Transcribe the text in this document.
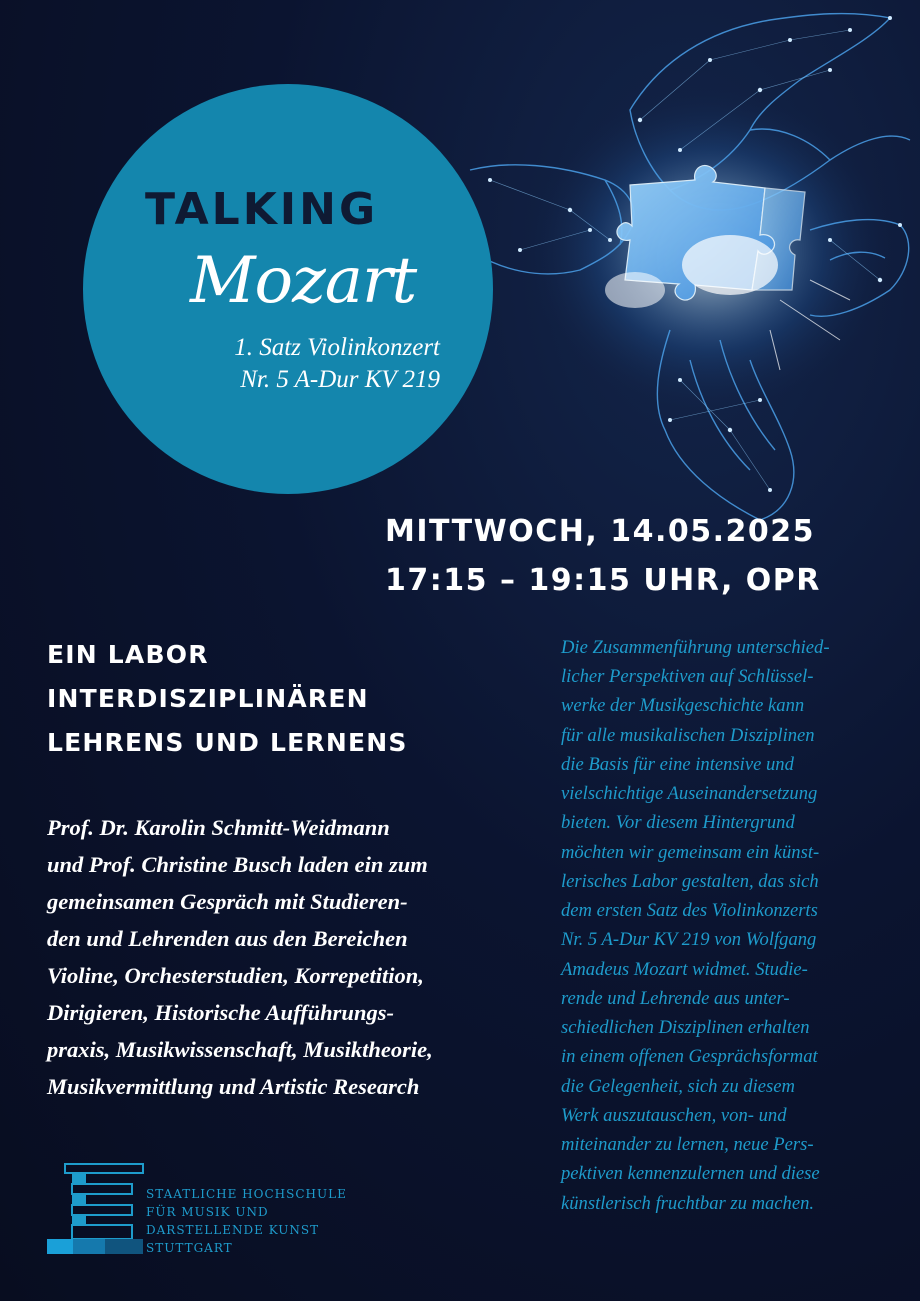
TALKING
Mozart
1. Satz Violinkonzert
Nr. 5 A-Dur KV 219
MITTWOCH, 14.05.2025
17:15 – 19:15 UHR, OPR
EIN LABOR
INTERDISZIPLINÄREN
LEHRENS UND LERNENS
Prof. Dr. Karolin Schmitt-Weidmann
und Prof. Christine Busch laden ein zum
gemeinsamen Gespräch mit Studieren-
den und Lehrenden aus den Bereichen
Violine, Orchesterstudien, Korrepetition,
Dirigieren, Historische Aufführungs-
praxis, Musikwissenschaft, Musiktheorie,
Musikvermittlung und Artistic Research
Die Zusammenführung unterschied-
licher Perspektiven auf Schlüssel-
werke der Musikgeschichte kann
für alle musikalischen Disziplinen
die Basis für eine intensive und
vielschichtige Auseinandersetzung
bieten. Vor diesem Hintergrund
möchten wir gemeinsam ein künst-
lerisches Labor gestalten, das sich
dem ersten Satz des Violinkonzerts
Nr. 5 A-Dur KV 219 von Wolfgang
Amadeus Mozart widmet. Studie-
rende und Lehrende aus unter-
schiedlichen Disziplinen erhalten
in einem offenen Gesprächsformat
die Gelegenheit, sich zu diesem
Werk auszutauschen, von- und
miteinander zu lernen, neue Pers-
pektiven kennenzulernen und diese
künstlerisch fruchtbar zu machen.
STAATLICHE HOCHSCHULE
FÜR MUSIK UND
DARSTELLENDE KUNST
STUTTGART
